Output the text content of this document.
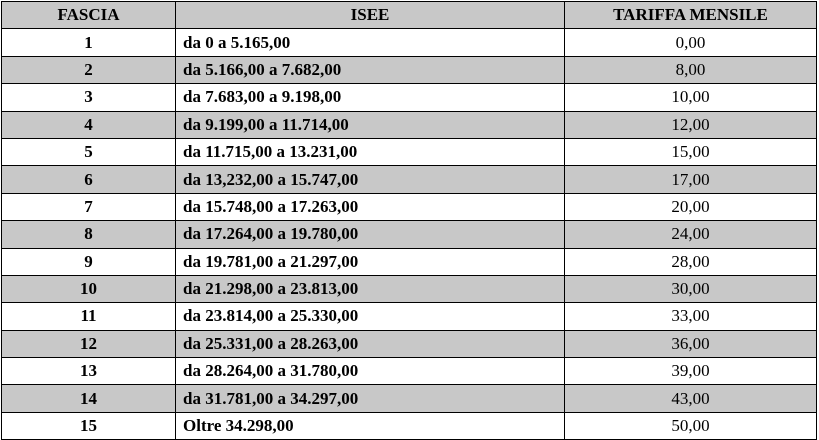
FASCIA	ISEE	TARIFFA MENSILE
1	da 0 a 5.165,00	0,00
2	da 5.166,00 a 7.682,00	8,00
3	da 7.683,00 a 9.198,00	10,00
4	da 9.199,00 a 11.714,00	12,00
5	da 11.715,00 a 13.231,00	15,00
6	da 13,232,00 a 15.747,00	17,00
7	da 15.748,00 a 17.263,00	20,00
8	da 17.264,00 a 19.780,00	24,00
9	da 19.781,00 a 21.297,00	28,00
10	da 21.298,00 a 23.813,00	30,00
11	da 23.814,00 a 25.330,00	33,00
12	da 25.331,00 a 28.263,00	36,00
13	da 28.264,00 a 31.780,00	39,00
14	da 31.781,00 a 34.297,00	43,00
15	Oltre 34.298,00	50,00
